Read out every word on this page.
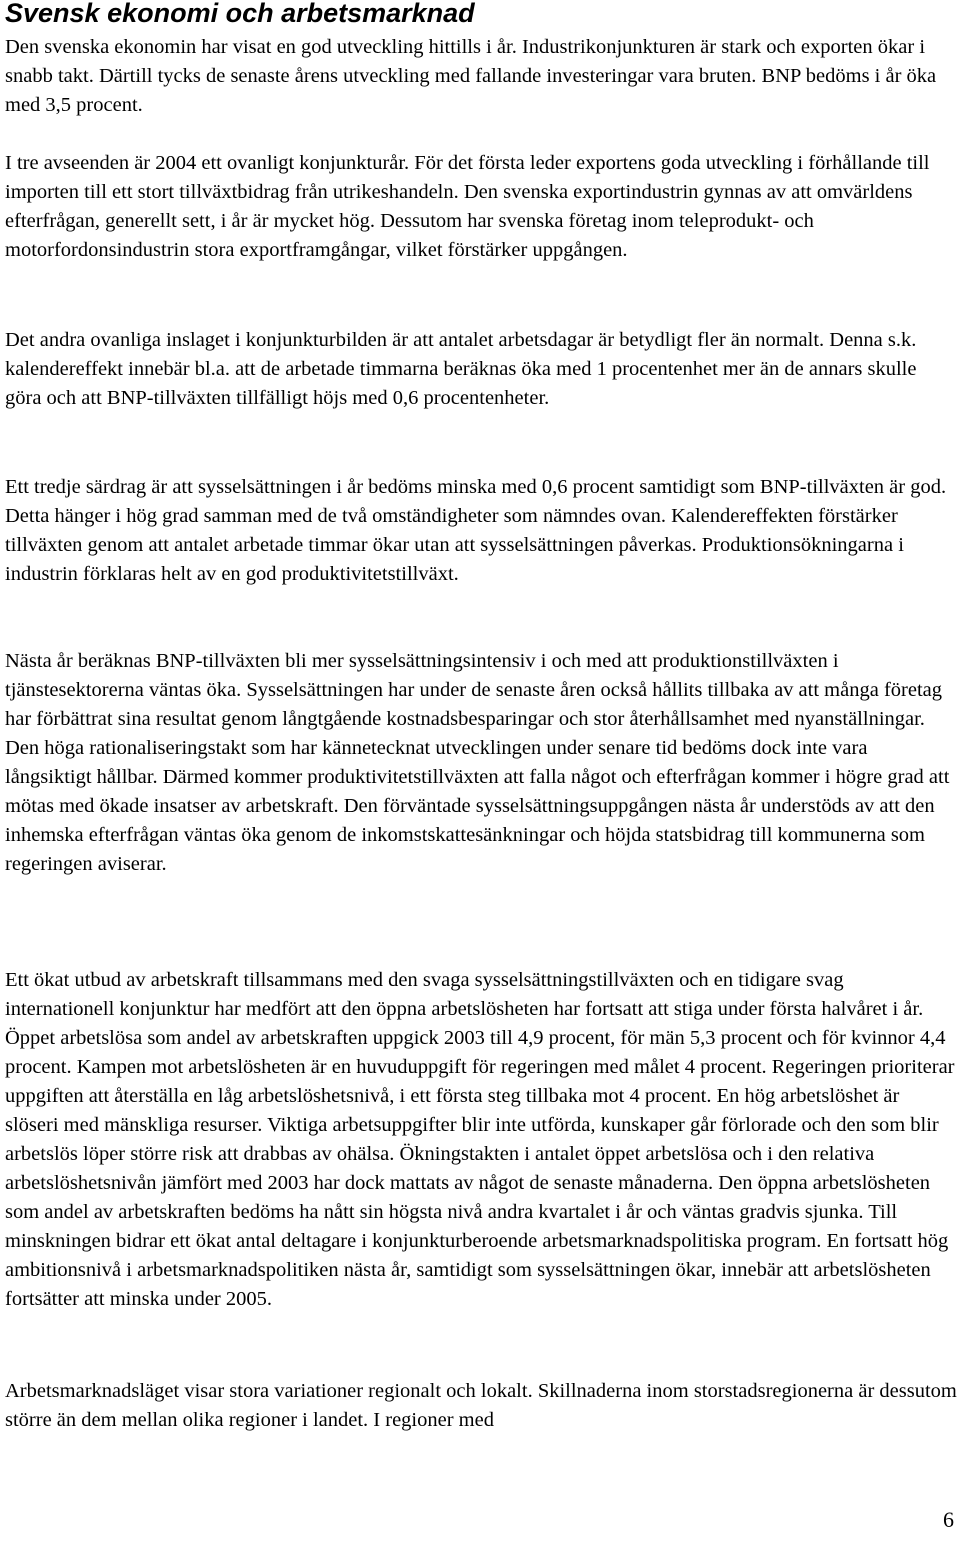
Svensk ekonomi och arbetsmarknad

Den svenska ekonomin har visat en god utveckling hittills i år. Industrikonjunkturen är stark och exporten ökar i snabb takt. Därtill tycks de senaste årens utveckling med fallande investeringar vara bruten. BNP bedöms i år öka med 3,5 procent.

I tre avseenden är 2004 ett ovanligt konjunkturår. För det första leder exportens goda utveckling i förhållande till importen till ett stort tillväxtbidrag från utrikeshandeln. Den svenska exportindustrin gynnas av att omvärldens efterfrågan, generellt sett, i år är mycket hög. Dessutom har svenska företag inom teleprodukt- och motorfordonsindustrin stora exportframgångar, vilket förstärker uppgången.

Det andra ovanliga inslaget i konjunkturbilden är att antalet arbetsdagar är betydligt fler än normalt. Denna s.k. kalendereffekt innebär bl.a. att de arbetade timmarna beräknas öka med 1 procentenhet mer än de annars skulle göra och att BNP-tillväxten tillfälligt höjs med 0,6 procentenheter.

Ett tredje särdrag är att sysselsättningen i år bedöms minska med 0,6 procent samtidigt som BNP-tillväxten är god. Detta hänger i hög grad samman med de två omständigheter som nämndes ovan. Kalendereffekten förstärker tillväxten genom att antalet arbetade timmar ökar utan att sysselsättningen påverkas. Produktionsökningarna i industrin förklaras helt av en god produktivitetstillväxt.

Nästa år beräknas BNP-tillväxten bli mer sysselsättningsintensiv i och med att produktionstillväxten i tjänstesektorerna väntas öka. Sysselsättningen har under de senaste åren också hållits tillbaka av att många företag har förbättrat sina resultat genom långtgående kostnadsbesparingar och stor återhållsamhet med nyanställningar. Den höga rationaliseringstakt som har kännetecknat utvecklingen under senare tid bedöms dock inte vara långsiktigt hållbar. Därmed kommer produktivitetstillväxten att falla något och efterfrågan kommer i högre grad att mötas med ökade insatser av arbetskraft. Den förväntade sysselsättningsuppgången nästa år understöds av att den inhemska efterfrågan väntas öka genom de inkomstskattesänkningar och höjda statsbidrag till kommunerna som regeringen aviserar.

Ett ökat utbud av arbetskraft tillsammans med den svaga sysselsättningstillväxten och en tidigare svag internationell konjunktur har medfört att den öppna arbetslösheten har fortsatt att stiga under första halvåret i år. Öppet arbetslösa som andel av arbetskraften uppgick 2003 till 4,9 procent, för män 5,3 procent och för kvinnor 4,4 procent. Kampen mot arbetslösheten är en huvuduppgift för regeringen med målet 4 procent. Regeringen prioriterar uppgiften att återställa en låg arbetslöshetsnivå, i ett första steg tillbaka mot 4 procent. En hög arbetslöshet är slöseri med mänskliga resurser. Viktiga arbetsuppgifter blir inte utförda, kunskaper går förlorade och den som blir arbetslös löper större risk att drabbas av ohälsa. Ökningstakten i antalet öppet arbetslösa och i den relativa arbetslöshetsnivån jämfört med 2003 har dock mattats av något de senaste månaderna. Den öppna arbetslösheten som andel av arbetskraften bedöms ha nått sin högsta nivå andra kvartalet i år och väntas gradvis sjunka. Till minskningen bidrar ett ökat antal deltagare i konjunkturberoende arbetsmarknadspolitiska program. En fortsatt hög ambitionsnivå i arbetsmarknadspolitiken nästa år, samtidigt som sysselsättningen ökar, innebär att arbetslösheten fortsätter att minska under 2005.

Arbetsmarknadsläget visar stora variationer regionalt och lokalt. Skillnaderna inom storstadsregionerna är dessutom större än dem mellan olika regioner i landet. I regioner med

6
